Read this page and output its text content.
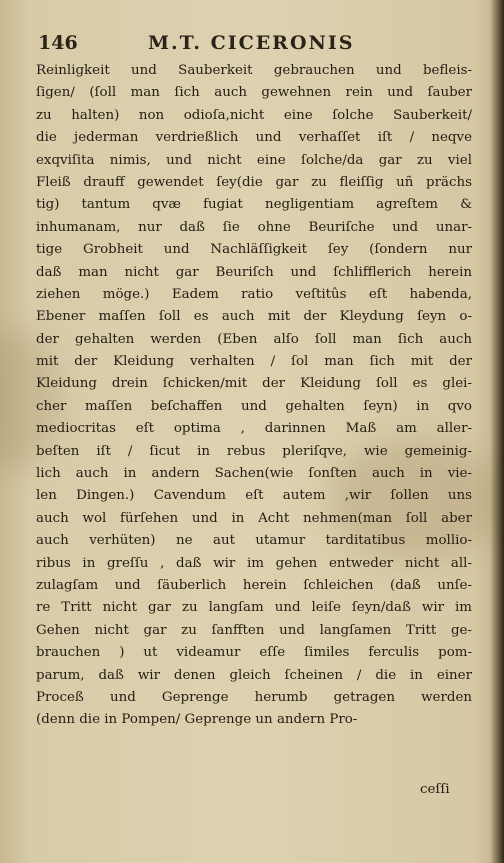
146	M.T. CICERONIS
Reinligkeit und Sauberkeit gebrauchen und befleis-
ſigen/ (ſoll man ſich auch gewehnen rein und ſauber
zu halten) non odioſa,nicht eine ſolche Sauberkeit/
die jederman verdrießlich und verhaſſet iſt / neqve
exqviſita nimis, und nicht eine ſolche/da gar zu viel
Fleiß drauff gewendet ſey(die gar zu fleiſſig uñ prächs
tig) tantum qvæ fugiat negligentiam agreſtem &
inhumanam, nur daß ſie ohne Beuriſche und unar-
tige Grobheit und Nachläſſigkeit ſey (ſondern nur
daß man nicht gar Beuriſch und ſchlifflerich herein
ziehen möge.) Eadem ratio veſtitûs eſt habenda,
Ebener maſſen ſoll es auch mit der Kleydung ſeyn o-
der gehalten werden (Eben alſo ſoll man ſich auch
mit der Kleidung verhalten / ſol man ſich mit der
Kleidung drein ſchicken/mit der Kleidung ſoll es glei-
cher maſſen beſchaffen und gehalten ſeyn) in qvo
mediocritas eſt optima , darinnen Maß am aller-
beſten iſt / ſicut in rebus pleriſqve, wie gemeinig-
lich auch in andern Sachen(wie ſonſten auch in vie-
len Dingen.) Cavendum eſt autem ,wir ſollen uns
auch wol fürſehen und in Acht nehmen(man ſoll aber
auch verhüten) ne aut utamur tarditatibus mollio-
ribus in greſſu , daß wir im gehen entweder nicht all-
zulagſam und ſäuberlich herein ſchleichen (daß unſe-
re Tritt nicht gar zu langſam und leiſe ſeyn/daß wir im
Gehen nicht gar zu ſanfften und langſamen Tritt ge-
brauchen ) ut videamur eſſe ſimiles ferculis pom-
parum, daß wir denen gleich ſcheinen / die in einer
Proceß und Geprenge herumb getragen werden
(denn die in Pompen/ Geprenge un andern Pro-
ceſſi
